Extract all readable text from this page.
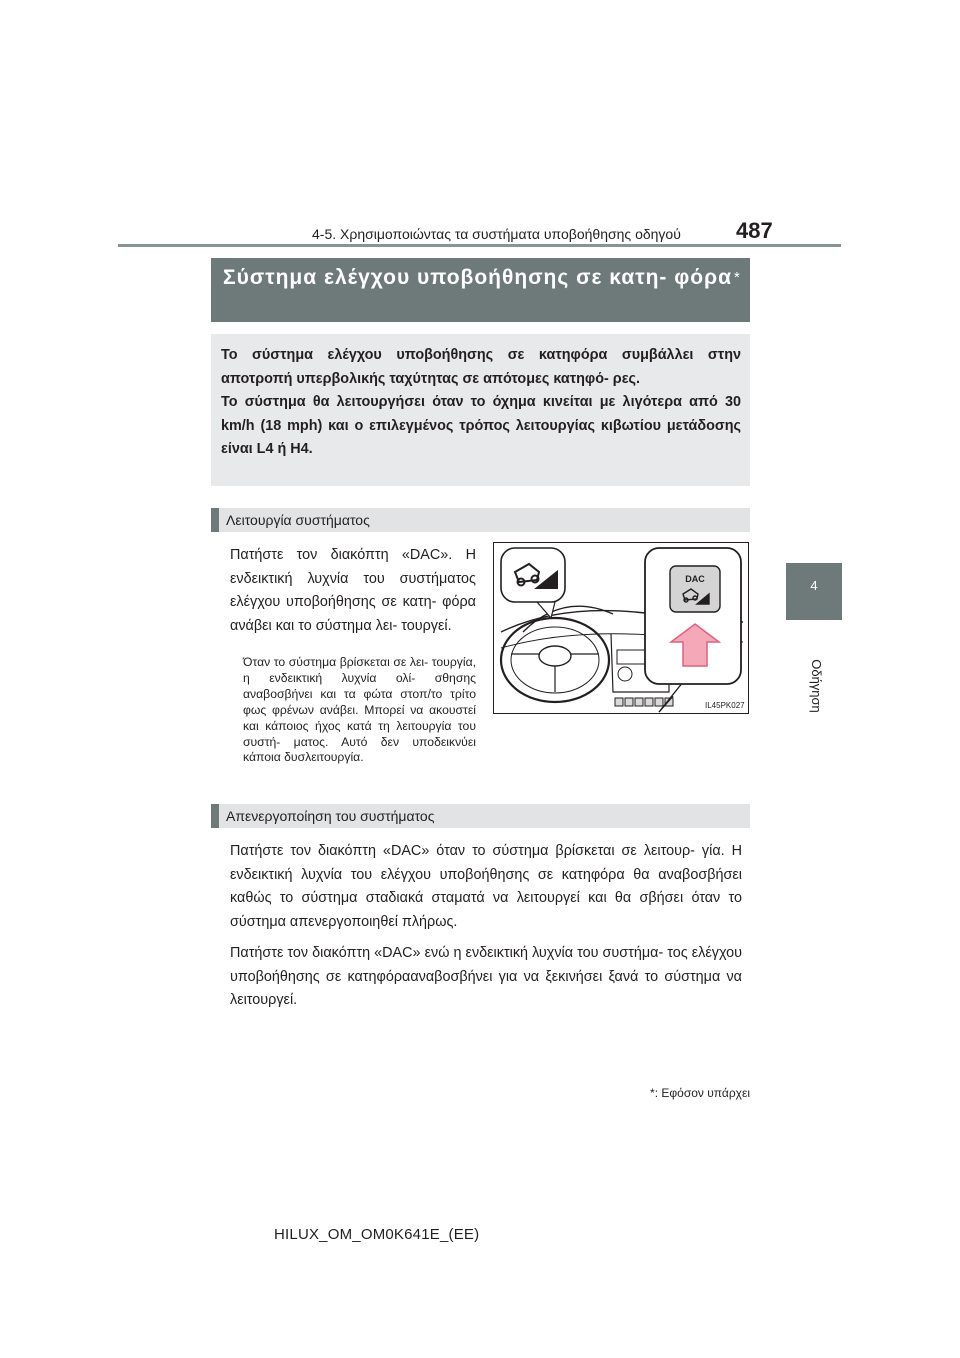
4-5. Χρησιμοποιώντας τα συστήματα υποβοήθησης οδηγού	487
4
Οδήγηση
Σύστημα ελέγχου υποβοήθησης σε κατη- φόρα *

Το σύστημα ελέγχου υποβοήθησης σε κατηφόρα συμβάλλει στην αποτροπή υπερβολικής ταχύτητας σε απότομες κατηφό- ρες.

Το σύστημα θα λειτουργήσει όταν το όχημα κινείται με λιγότερα από 30 km/h (18 mph) και ο επιλεγμένος τρόπος λειτουργίας κιβωτίου μετάδοσης είναι L4 ή H4.

Λειτουργία συστήματος
Πατήστε τον διακόπτη «DAC». Η ενδεικτική λυχνία του συστήματος ελέγχου υποβοήθησης σε κατη- φόρα ανάβει και το σύστημα λει- τουργεί.
Όταν το σύστημα βρίσκεται σε λει- τουργία, η ενδεικτική λυχνία ολί- σθησης αναβοσβήνει και τα φώτα στοπ/το τρίτο φως φρένων ανάβει. Μπορεί να ακουστεί και κάποιος ήχος κατά τη λειτουργία του συστή- ματος. Αυτό δεν υποδεικνύει κάποια δυσλειτουργία.
DAC
IL45PK027
Απενεργοποίηση του συστήματος
Πατήστε τον διακόπτη «DAC» όταν το σύστημα βρίσκεται σε λειτουρ- γία. Η ενδεικτική λυχνία του ελέγχου υποβοήθησης σε κατηφόρα θα αναβοσβήσει καθώς το σύστημα σταδιακά σταματά να λειτουργεί και θα σβήσει όταν το σύστημα απενεργοποιηθεί πλήρως.
Πατήστε τον διακόπτη «DAC» ενώ η ενδεικτική λυχνία του συστήμα- τος ελέγχου υποβοήθησης σε κατηφόρααναβοσβήνει για να ξεκινήσει ξανά το σύστημα να λειτουργεί.
*: Εφόσον υπάρχει
HILUX_OM_OM0K641E_(EE)
